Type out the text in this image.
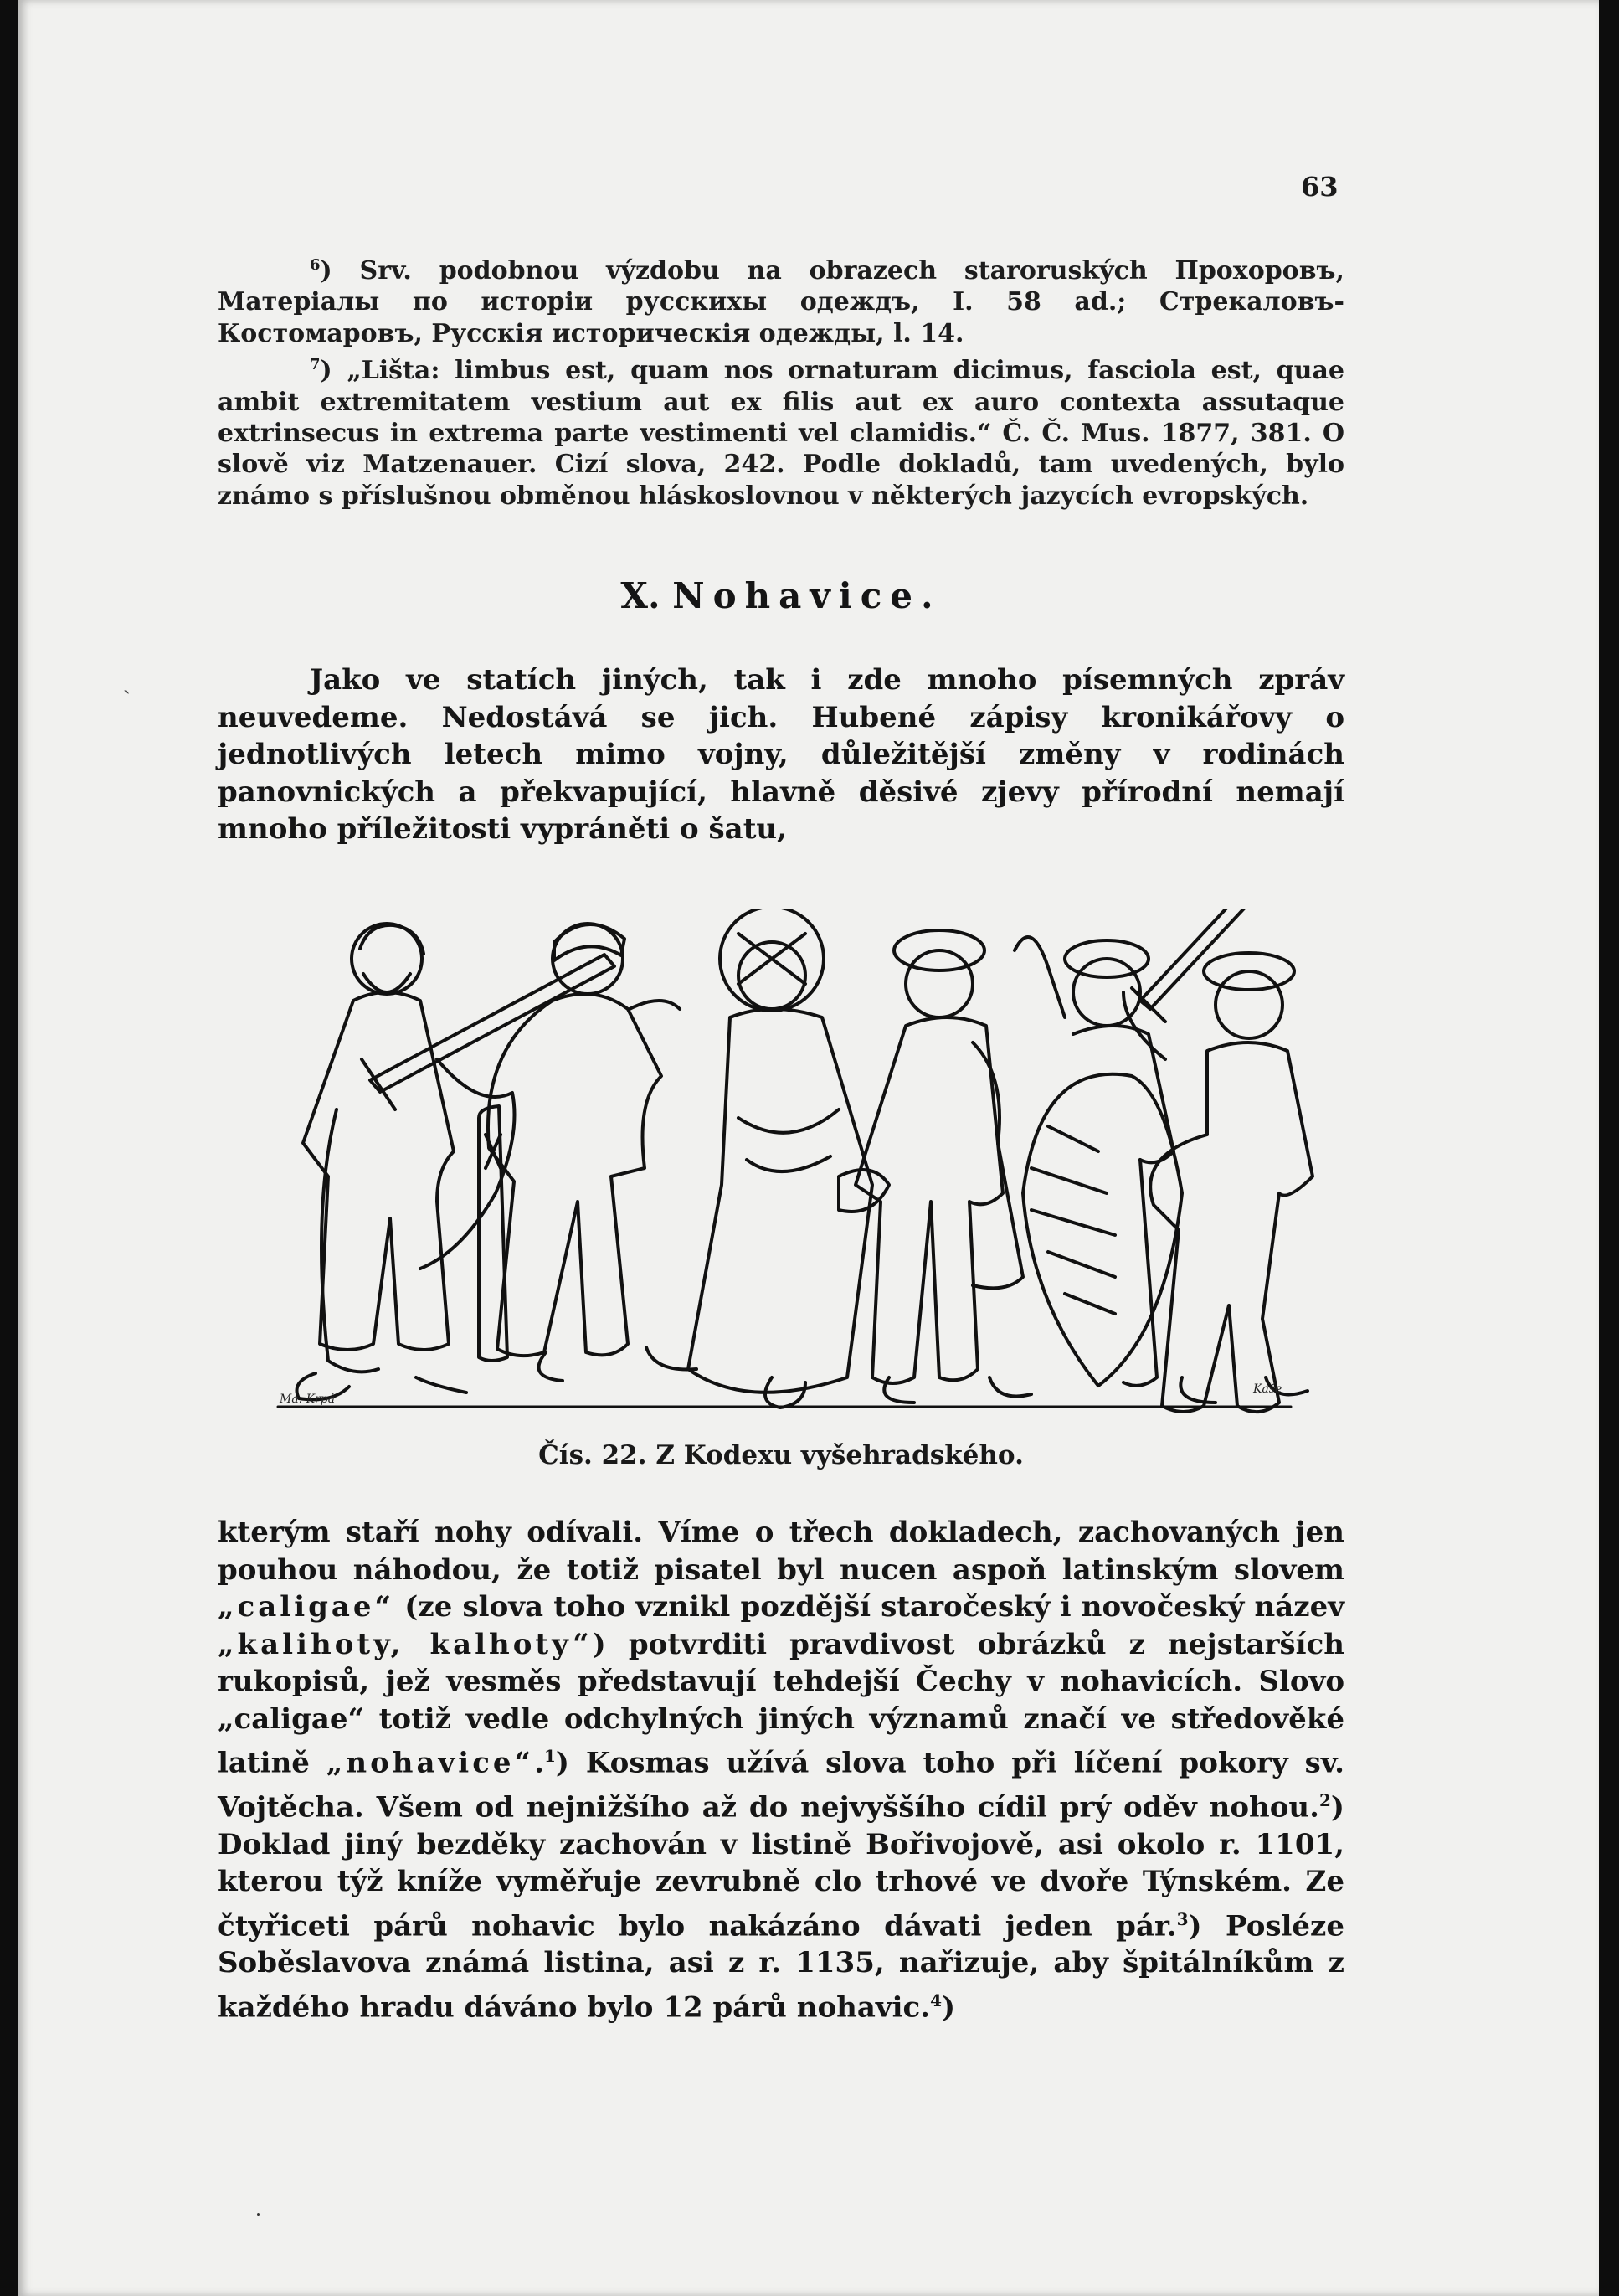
63

$^6$) Srv. podobnou výzdobu na obrazech staroruských Прохоровъ, Матеріалы по исторіи русскихы одеждъ, I. 58 ad.; Стрекаловъ-Костомаровъ, Русскія историческія одежды, l. 14.

$^7$) „Lišta: limbus est, quam nos ornaturam dicimus, fasciola est, quae ambit extremitatem vestium aut ex filis aut ex auro contexta assutaque extrinsecus in extrema parte vestimenti vel clamidis.“ Č. Č. Mus. 1877, 381. O slově viz Matzenauer. Cizí slova, 242. Podle dokladů, tam uvedených, bylo známo s příslušnou obměnou hláskoslovnou v některých jazycích evropských.

X. Nohavice.

Jako ve statích jiných, tak i zde mnoho písemných zpráv neuvedeme. Nedostává se jich. Hubené zápisy kronikářovy o jednotlivých letech mimo vojny, důležitější změny v rodinách panovnických a překvapující, hlavně děsivé zjevy přírodní nemají mnoho příležitosti vypráněti o šatu,

Ma. Krpá
Kaše
Čís. 22. Z Kodexu vyšehradského.

kterým staří nohy odívali. Víme o třech dokladech, zachovaných jen pouhou náhodou, že totiž pisatel byl nucen aspoň latinským slovem „caligae“ (ze slova toho vznikl pozdější staročeský i novočeský název „kalihoty, kalhoty“) potvrditi pravdivost obrázků z nejstarších rukopisů, jež vesměs představují tehdejší Čechy v nohavicích. Slovo „caligae“ totiž vedle odchylných jiných významů značí ve středověké latině „nohavice“.$^1$) Kosmas užívá slova toho při líčení pokory sv. Vojtěcha. Všem od nejnižšího až do nejvyššího cídil prý oděv nohou.$^2$) Doklad jiný bezděky zachován v listině Bořivojově, asi okolo r. 1101, kterou týž kníže vyměřuje zevrubně clo trhové ve dvoře Týnském. Ze čtyřiceti párů nohavic bylo nakázáno dávati jeden pár.$^3$) Posléze Soběslavova známá listina, asi z r. 1135, nařizuje, aby špitálníkům z každého hradu dáváno bylo 12 párů nohavic.$^4$)

ˎ
˙
